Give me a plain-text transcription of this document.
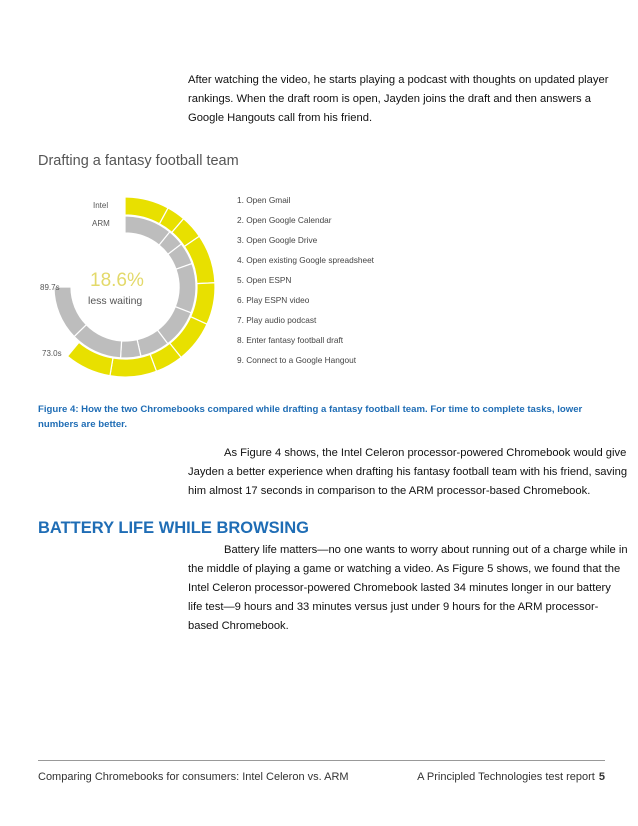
After watching the video, he starts playing a podcast with thoughts on updated player rankings. When the draft room is open, Jayden joins the draft and then answers a Google Hangouts call from his friend.

Drafting a fantasy football team
Intel
ARM
89.7s
73.0s
18.6%
less waiting
1. Open Gmail
2. Open Google Calendar
3. Open Google Drive
4. Open existing Google spreadsheet
5. Open ESPN
6. Play ESPN video
7. Play audio podcast
8. Enter fantasy football draft
9. Connect to a Google Hangout
Figure 4: How the two Chromebooks compared while drafting a fantasy football team. For time to complete tasks, lower numbers are better.

As Figure 4 shows, the Intel Celeron processor-powered Chromebook would give Jayden a better experience when drafting his fantasy football team with his friend, saving him almost 17 seconds in comparison to the ARM processor-based Chromebook.

BATTERY LIFE WHILE BROWSING

Battery life matters—no one wants to worry about running out of a charge while in the middle of playing a game or watching a video. As Figure 5 shows, we found that the Intel Celeron processor-powered Chromebook lasted 34 minutes longer in our battery life test—9 hours and 33 minutes versus just under 9 hours for the ARM processor-based Chromebook.

Comparing Chromebooks for consumers: Intel Celeron vs. ARM	A Principled Technologies test report 5
